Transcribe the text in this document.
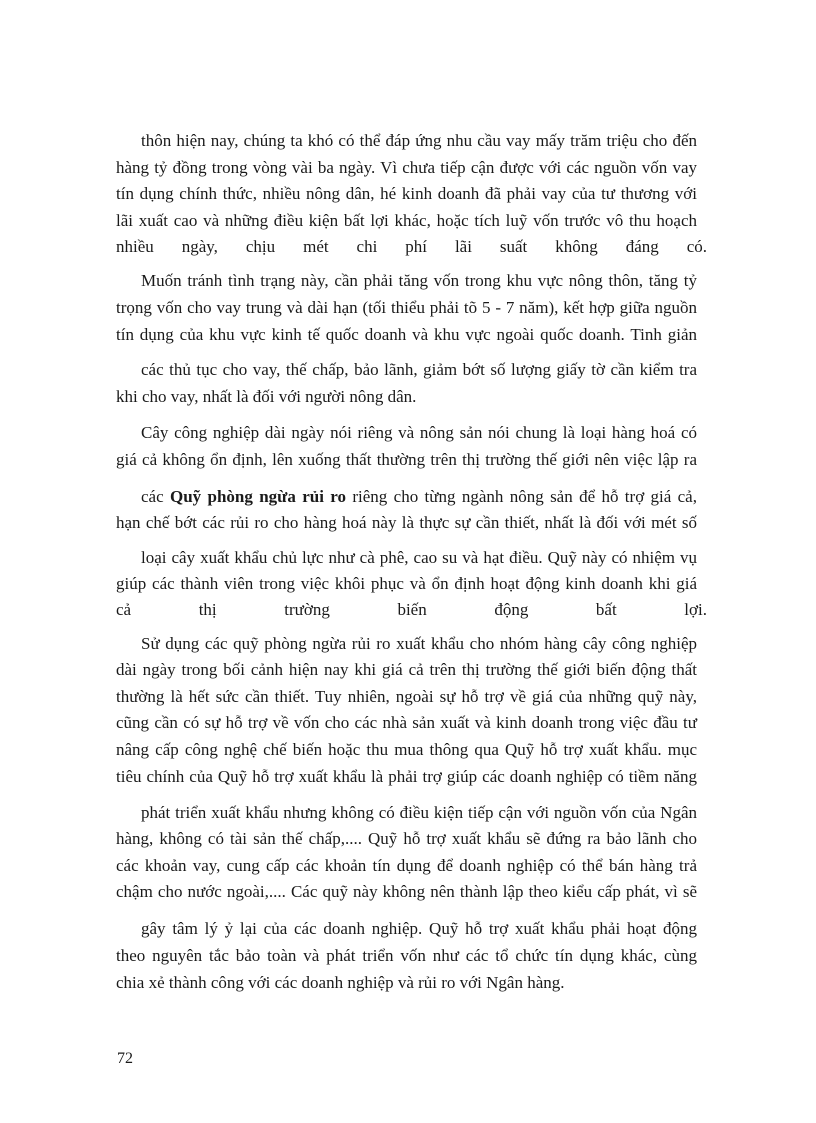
thôn hiện nay, chúng ta khó có thể đáp ứng nhu cầu vay mấy trăm triệu cho đến
hàng tỷ đồng trong vòng vài ba ngày. Vì chưa tiếp cận được với các nguồn vốn vay
tín dụng chính thức, nhiều nông dân, hé kinh doanh đã phải vay của tư thương với
lãi xuất cao và những điều kiện bất lợi khác, hoặc tích luỹ vốn trước vô thu hoạch
nhiều ngày, chịu mét chi phí lãi suất không đáng có.
Muốn tránh tình trạng này, cần phải tăng vốn trong khu vực nông thôn, tăng tỷ
trọng vốn cho vay trung và dài hạn (tối thiểu phải tõ 5 - 7 năm), kết hợp giữa nguồn
tín dụng của khu vực kinh tế quốc doanh và khu vực ngoài quốc doanh. Tinh giản
các thủ tục cho vay, thế chấp, bảo lãnh, giảm bớt số lượng giấy tờ cần kiểm tra
khi cho vay, nhất là đối với người nông dân.
Cây công nghiệp dài ngày nói riêng và nông sản nói chung là loại hàng hoá có
giá cả không ổn định, lên xuống thất thường trên thị trường thế giới nên việc lập ra
các Quỹ phòng ngừa rủi ro riêng cho từng ngành nông sản để hỗ trợ giá cả,
hạn chế bớt các rủi ro cho hàng hoá này là thực sự cần thiết, nhất là đối với mét số
loại cây xuất khẩu chủ lực như cà phê, cao su và hạt điều. Quỹ này có nhiệm vụ
giúp các thành viên trong việc khôi phục và ổn định hoạt động kinh doanh khi giá
cả thị trường biến động bất lợi.
Sử dụng các quỹ phòng ngừa rủi ro xuất khẩu cho nhóm hàng cây công nghiệp
dài ngày trong bối cảnh hiện nay khi giá cả trên thị trường thế giới biến động thất
thường là hết sức cần thiết. Tuy nhiên, ngoài sự hỗ trợ về giá của những quỹ này,
cũng cần có sự hỗ trợ về vốn cho các nhà sản xuất và kinh doanh trong việc đầu tư
nâng cấp công nghệ chế biến hoặc thu mua thông qua Quỹ hỗ trợ xuất khẩu. mục
tiêu chính của Quỹ hỗ trợ xuất khẩu là phải trợ giúp các doanh nghiệp có tiềm năng
phát triển xuất khẩu nhưng không có điều kiện tiếp cận với nguồn vốn của Ngân
hàng, không có tài sản thế chấp,.... Quỹ hỗ trợ xuất khẩu sẽ đứng ra bảo lãnh cho
các khoản vay, cung cấp các khoản tín dụng để doanh nghiệp có thể bán hàng trả
chậm cho nước ngoài,.... Các quỹ này không nên thành lập theo kiểu cấp phát, vì sẽ
gây tâm lý ỷ lại của các doanh nghiệp. Quỹ hỗ trợ xuất khẩu phải hoạt động
theo nguyên tắc bảo toàn và phát triển vốn như các tổ chức tín dụng khác, cùng
chia xẻ thành công với các doanh nghiệp và rủi ro với Ngân hàng.
72
